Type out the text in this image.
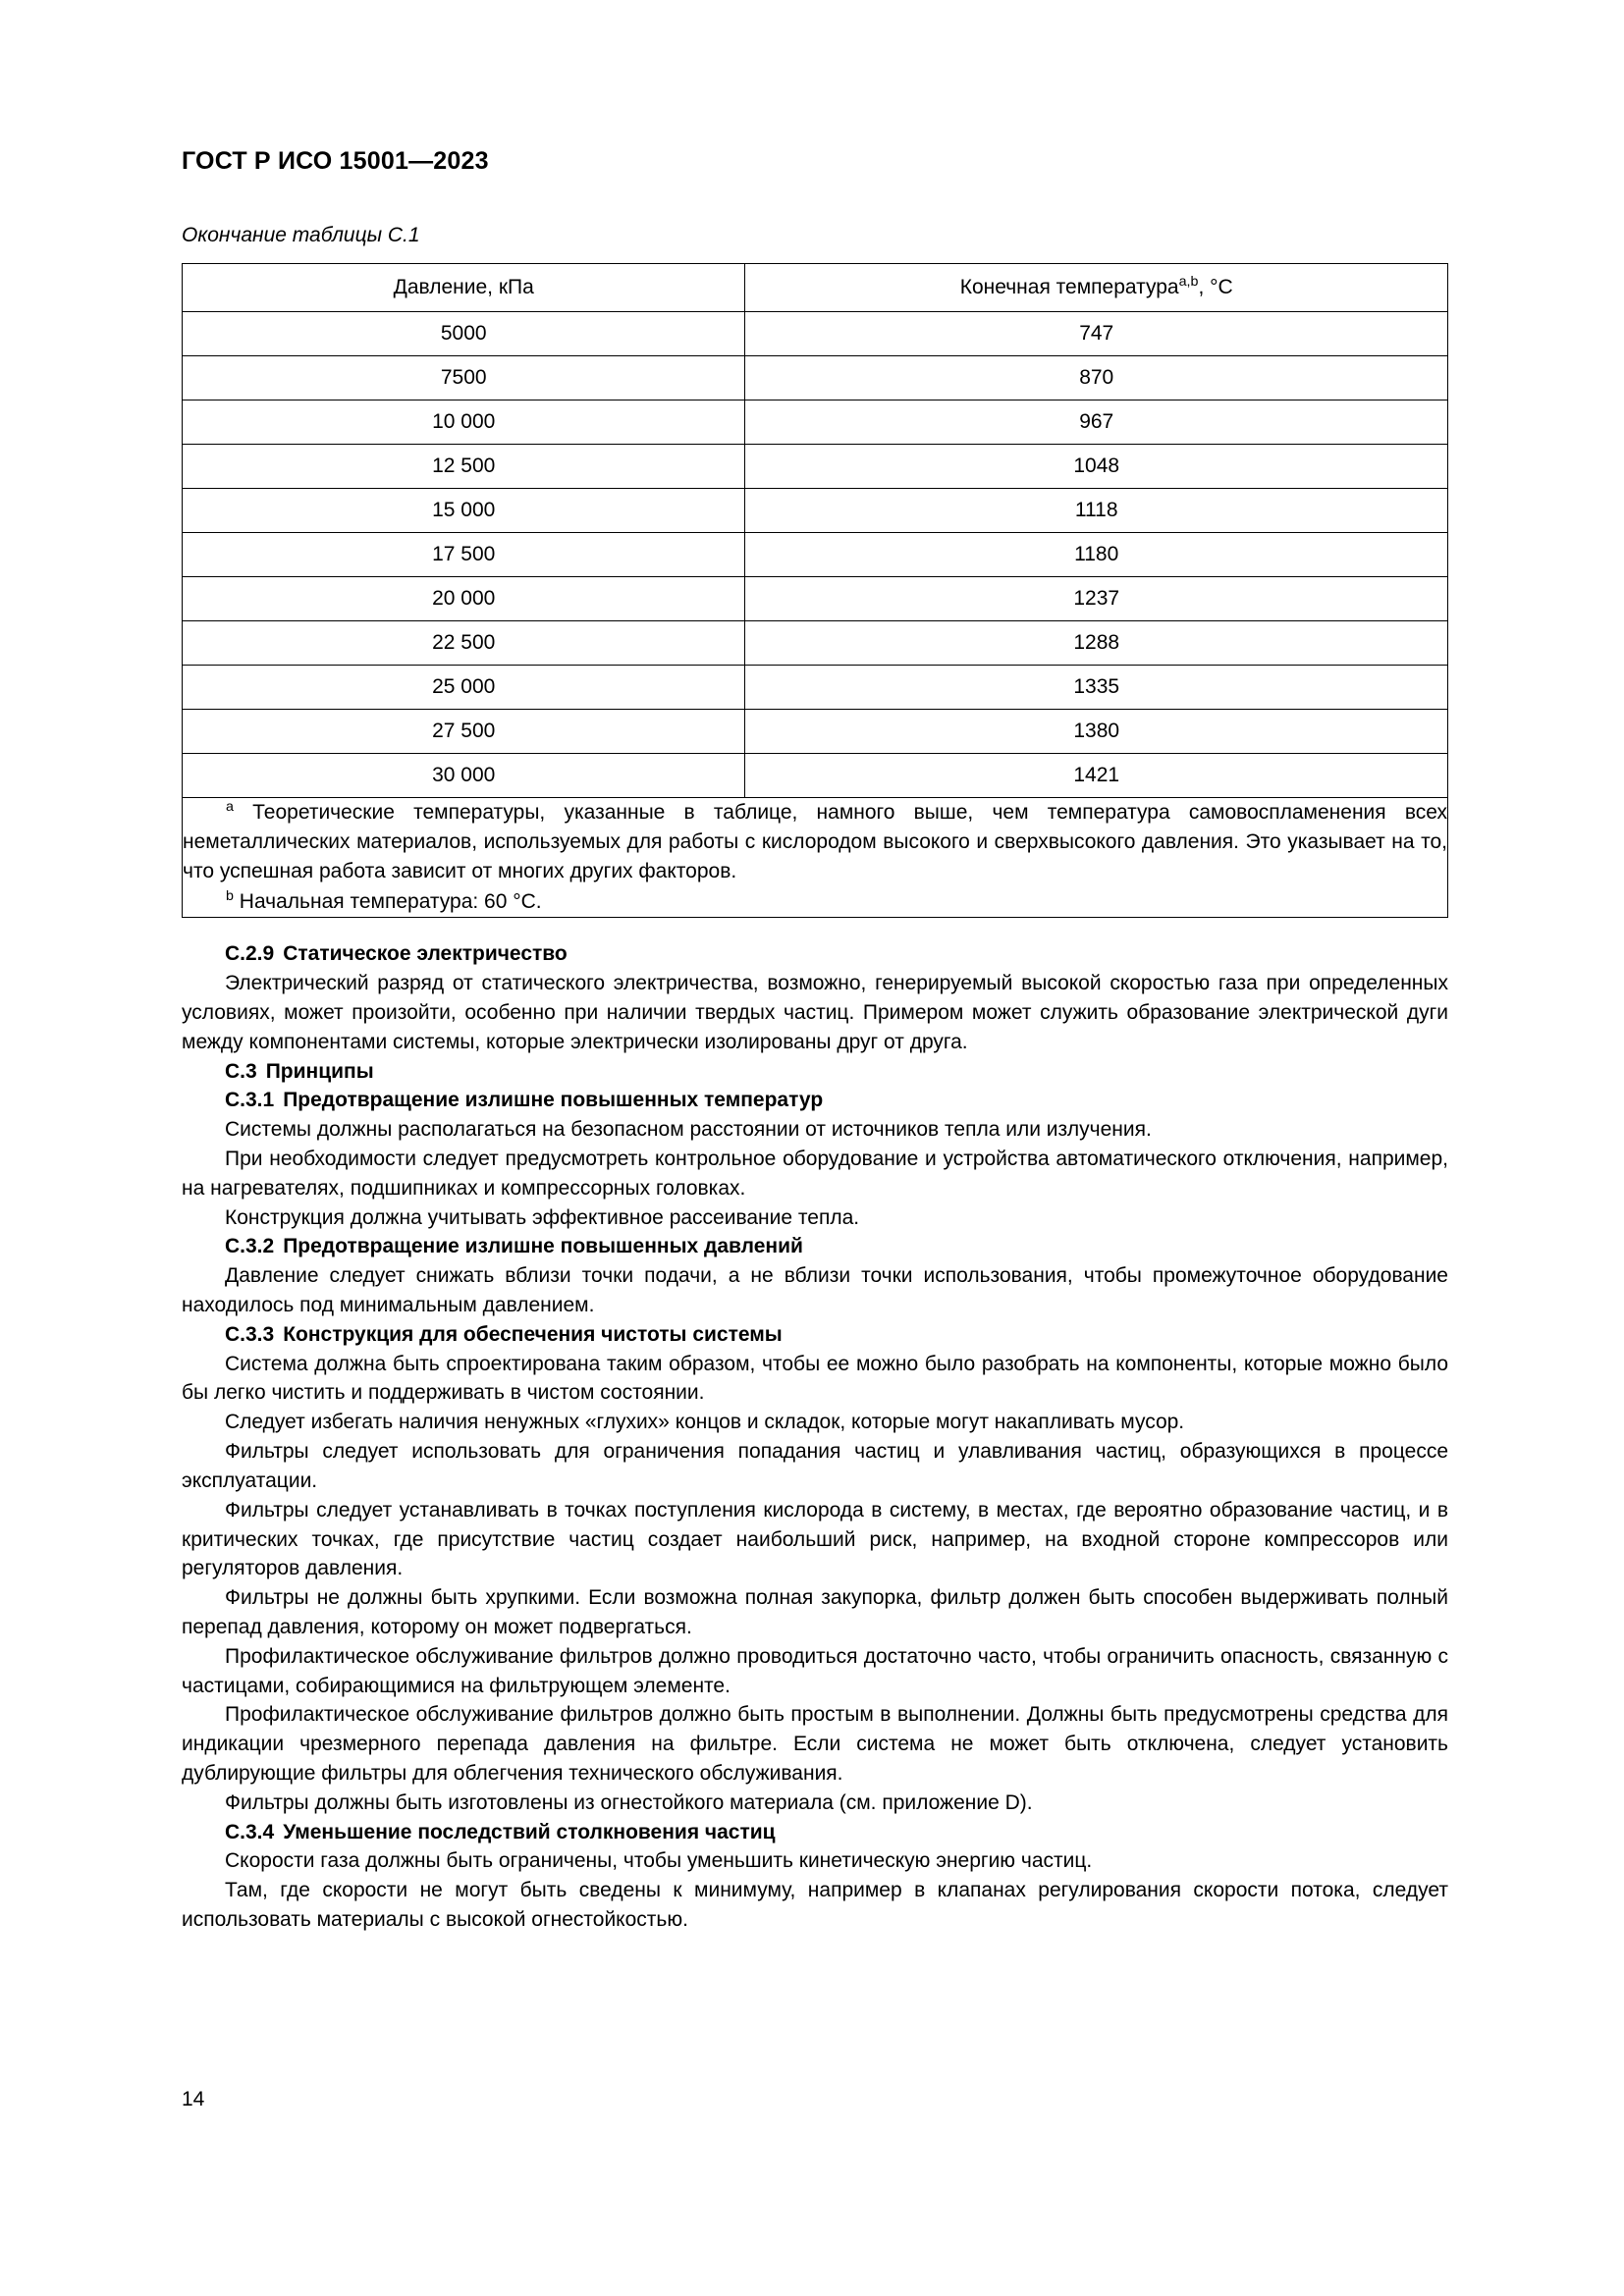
ГОСТ Р ИСО 15001—2023
Окончание таблицы С.1
Давление, кПа	Конечная температура$^{a,b}$, °С
5000	747
7500	870
10 000	967
12 500	1048
15 000	1118
17 500	1180
20 000	1237
22 500	1288
25 000	1335
27 500	1380
30 000	1421

$^a$ Теоретические температуры, указанные в таблице, намного выше, чем температура самовоспламенения всех неметаллических материалов, используемых для работы с кислородом высокого и сверхвысокого давления. Это указывает на то, что успешная работа зависит от многих других факторов.

$^b$ Начальная температура: 60 °С.	

С.2.9 Статическое электричество

Электрический разряд от статического электричества, возможно, генерируемый высокой скоростью газа при определенных условиях, может произойти, особенно при наличии твердых частиц. Примером может служить образование электрической дуги между компонентами системы, которые электрически изолированы друг от друга.

С.3 Принципы
С.3.1 Предотвращение излишне повышенных температур

Системы должны располагаться на безопасном расстоянии от источников тепла или излучения.

При необходимости следует предусмотреть контрольное оборудование и устройства автоматического отключения, например, на нагревателях, подшипниках и компрессорных головках.

Конструкция должна учитывать эффективное рассеивание тепла.

С.3.2 Предотвращение излишне повышенных давлений

Давление следует снижать вблизи точки подачи, а не вблизи точки использования, чтобы промежуточное оборудование находилось под минимальным давлением.

С.3.3 Конструкция для обеспечения чистоты системы

Система должна быть спроектирована таким образом, чтобы ее можно было разобрать на компоненты, которые можно было бы легко чистить и поддерживать в чистом состоянии.

Следует избегать наличия ненужных «глухих» концов и складок, которые могут накапливать мусор.

Фильтры следует использовать для ограничения попадания частиц и улавливания частиц, образующихся в процессе эксплуатации.

Фильтры следует устанавливать в точках поступления кислорода в систему, в местах, где вероятно образование частиц, и в критических точках, где присутствие частиц создает наибольший риск, например, на входной стороне компрессоров или регуляторов давления.

Фильтры не должны быть хрупкими. Если возможна полная закупорка, фильтр должен быть способен выдерживать полный перепад давления, которому он может подвергаться.

Профилактическое обслуживание фильтров должно проводиться достаточно часто, чтобы ограничить опасность, связанную с частицами, собирающимися на фильтрующем элементе.

Профилактическое обслуживание фильтров должно быть простым в выполнении. Должны быть предусмотрены средства для индикации чрезмерного перепада давления на фильтре. Если система не может быть отключена, следует установить дублирующие фильтры для облегчения технического обслуживания.

Фильтры должны быть изготовлены из огнестойкого материала (см. приложение D).

С.3.4 Уменьшение последствий столкновения частиц

Скорости газа должны быть ограничены, чтобы уменьшить кинетическую энергию частиц.

Там, где скорости не могут быть сведены к минимуму, например в клапанах регулирования скорости потока, следует использовать материалы с высокой огнестойкостью.

14
